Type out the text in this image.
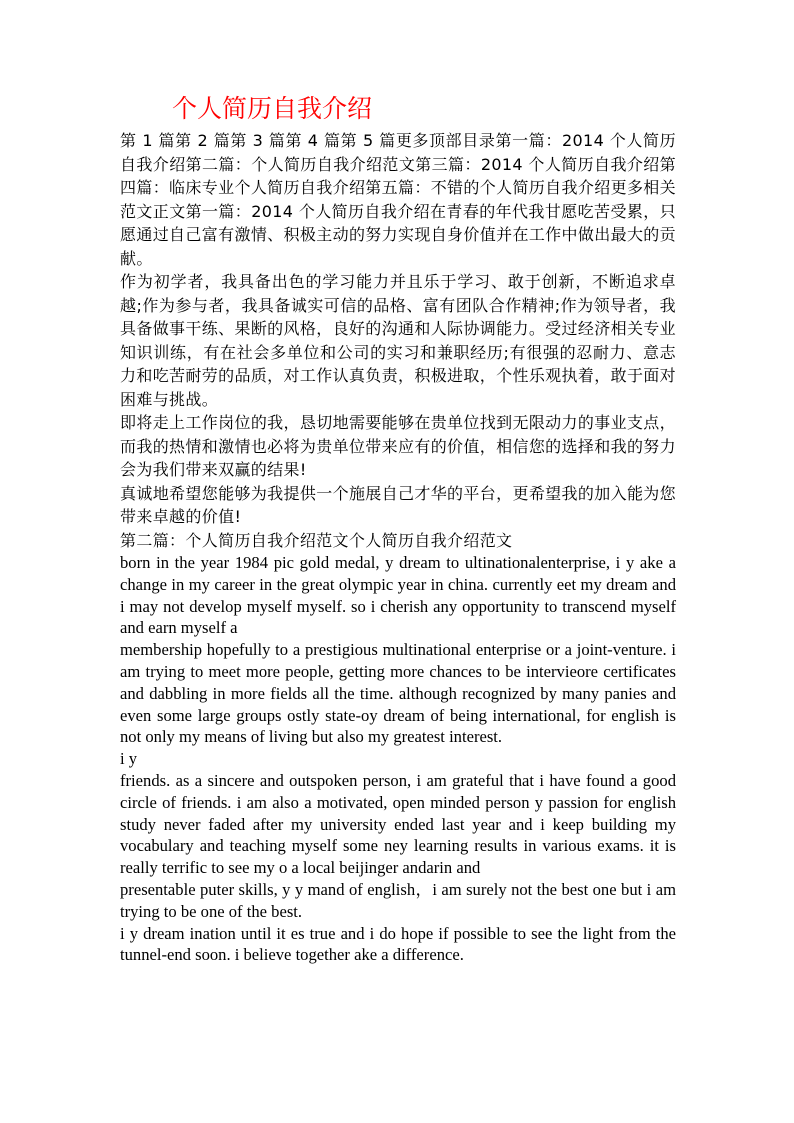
个人简历自我介绍

第 1 篇第 2 篇第 3 篇第 4 篇第 5 篇更多顶部目录第一篇：2014 个人简历自我介绍第二篇：个人简历自我介绍范文第三篇：2014 个人简历自我介绍第四篇：临床专业个人简历自我介绍第五篇：不错的个人简历自我介绍更多相关范文正文第一篇：2014 个人简历自我介绍在青春的年代我甘愿吃苦受累，只愿通过自己富有激情、积极主动的努力实现自身价值并在工作中做出最大的贡献。

作为初学者，我具备出色的学习能力并且乐于学习、敢于创新，不断追求卓越;作为参与者，我具备诚实可信的品格、富有团队合作精神;作为领导者，我具备做事干练、果断的风格，良好的沟通和人际协调能力。受过经济相关专业知识训练，有在社会多单位和公司的实习和兼职经历;有很强的忍耐力、意志力和吃苦耐劳的品质，对工作认真负责，积极进取，个性乐观执着，敢于面对困难与挑战。

即将走上工作岗位的我，恳切地需要能够在贵单位找到无限动力的事业支点，而我的热情和激情也必将为贵单位带来应有的价值，相信您的选择和我的努力会为我们带来双赢的结果!

真诚地希望您能够为我提供一个施展自己才华的平台，更希望我的加入能为您带来卓越的价值!

第二篇：个人简历自我介绍范文个人简历自我介绍范文

born in the year 1984 pic gold medal, y dream to ultinationalenterprise, i y ake a change in my career in the great olympic year in china. currently eet my dream and i may not develop myself myself. so i cherish any opportunity to transcend myself and earn myself a

membership hopefully to a prestigious multinational enterprise or a joint-venture. i am trying to meet more people, getting more chances to be intervieore certificates and dabbling in more fields all the time. although recognized by many panies and even some large groups ostly state-oy dream of being international, for english is not only my means of living but also my greatest interest.

i y

friends. as a sincere and outspoken person, i am grateful that i have found a good circle of friends. i am also a motivated, open minded person y passion for english study never faded after my university ended last year and i keep building my vocabulary and teaching myself some ney learning results in various exams. it is really terrific to see my o a local beijinger andarin and

presentable puter skills, y y mand of english，i am surely not the best one but i am trying to be one of the best.

i y dream ination until it es true and i do hope if possible to see the light from the tunnel-end soon. i believe together ake a difference.
